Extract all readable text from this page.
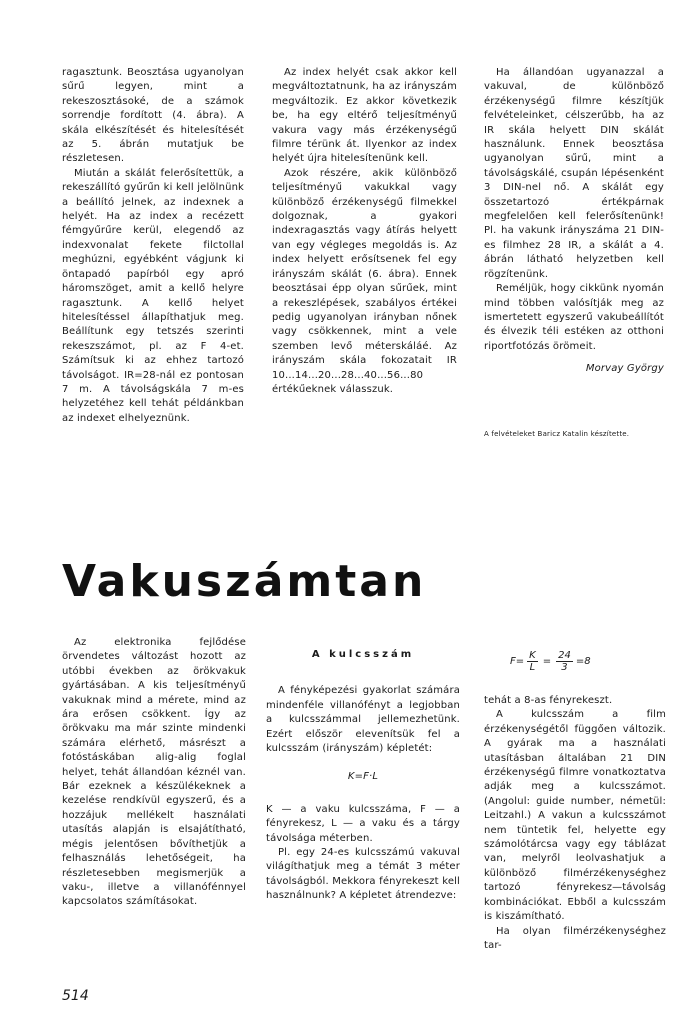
ragasztunk. Beosztása ugyanolyan sűrű legyen, mint a rekeszosztásoké, de a számok sorrendje fordított (4. ábra). A skála elkészítését és hitelesítését az 5. ábrán mutatjuk be részletesen.

Miután a skálát felerősítettük, a rekeszállító gyűrűn ki kell jelölnünk a beállító jelnek, az indexnek a helyét. Ha az index a recézett fémgyűrűre kerül, elegendő az indexvonalat fekete filctollal meghúzni, egyébként vágjunk ki öntapadó papírból egy apró háromszöget, amit a kellő helyre ragasztunk. A kellő helyet hitelesítéssel állapíthatjuk meg. Beállítunk egy tetszés szerinti rekeszszámot, pl. az F 4-et. Számítsuk ki az ehhez tartozó távolságot. IR=28-nál ez pontosan 7 m. A távolságskála 7 m-es helyzetéhez kell tehát példánkban az indexet elhelyeznünk.

Az index helyét csak akkor kell megváltoztatnunk, ha az irányszám megváltozik. Ez akkor következik be, ha egy eltérő teljesítményű vakura vagy más érzékenységű filmre térünk át. Ilyenkor az index helyét újra hitelesítenünk kell.

Azok részére, akik különböző teljesítményű vakukkal vagy különböző érzékenységű filmekkel dolgoznak, a gyakori indexragasztás vagy átírás helyett van egy végleges megoldás is. Az index helyett erősítsenek fel egy irányszám skálát (6. ábra). Ennek beosztásai épp olyan sűrűek, mint a rekeszlépések, szabályos értékei pedig ugyanolyan irányban nőnek vagy csökkennek, mint a vele szemben levő méterskáláé. Az irányszám skála fokozatait IR 10...14...20...28...40...56...80 értékűeknek válasszuk.

Ha állandóan ugyanazzal a vakuval, de különböző érzékenységű filmre készítjük felvételeinket, célszerűbb, ha az IR skála helyett DIN skálát használunk. Ennek beosztása ugyanolyan sűrű, mint a távolságskálé, csupán lépésenként 3 DIN-nel nő. A skálát egy összetartozó értékpárnak megfelelően kell felerősítenünk! Pl. ha vakunk irányszáma 21 DIN-es filmhez 28 IR, a skálát a 4. ábrán látható helyzetben kell rögzítenünk.

Reméljük, hogy cikkünk nyomán mind többen valósítják meg az ismertetett egyszerű vakubeállítót és élvezik téli estéken az otthoni riportfotózás örömeit.

Morvay György

A felvételeket Baricz Katalin készítette.
Vakuszámtan

Az elektronika fejlődése örvendetes változást hozott az utóbbi években az örökvakuk gyártásában. A kis teljesítményű vakuknak mind a mérete, mind az ára erősen csökkent. Így az örökvaku ma már szinte mindenki számára elérhető, másrészt a fotóstáskában alig-alig foglal helyet, tehát állandóan kéznél van. Bár ezeknek a készülékeknek a kezelése rendkívül egyszerű, és a hozzájuk mellékelt használati utasítás alapján is elsajátítható, mégis jelentősen bővíthetjük a felhasználás lehetőségeit, ha részletesebben megismerjük a vaku-, illetve a villanófénnyel kapcsolatos számításokat.

A kulcsszám

A fényképezési gyakorlat számára mindenféle villanófényt a legjobban a kulcsszámmal jellemezhetünk. Ezért először elevenítsük fel a kulcsszám (irányszám) képletét:

K=F·L

K — a vaku kulcsszáma, F — a fényrekesz, L — a vaku és a tárgy távolsága méterben.

Pl. egy 24-es kulcsszámú vakuval világíthatjuk meg a témát 3 méter távolságból. Mekkora fényrekeszt kell használnunk? A képletet átrendezve:

$F= \frac{K}{L} = \frac{24}{3} =8$

tehát a 8-as fényrekeszt.

A kulcsszám a film érzékenységétől függően változik. A gyárak ma a használati utasításban általában 21 DIN érzékenységű filmre vonatkoztatva adják meg a kulcsszámot. (Angolul: guide number, németül: Leitzahl.) A vakun a kulcsszámot nem tüntetik fel, helyette egy számolótárcsa vagy egy táblázat van, melyről leolvashatjuk a különböző filmérzékenységhez tartozó fényrekesz—távolság kombinációkat. Ebből a kulcsszám is kiszámítható.

Ha olyan filmérzékenységhez tar-

514
